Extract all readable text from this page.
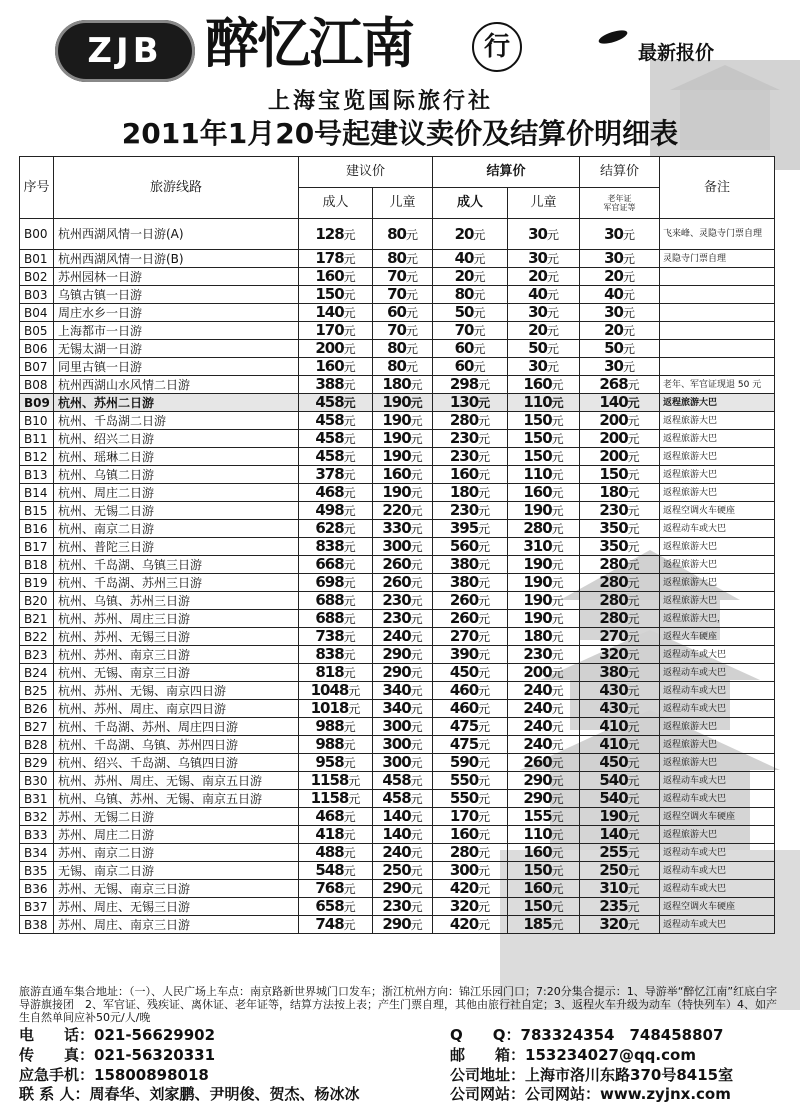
ZJB 醉忆江南	行	最新报价
上海宝览国际旅行社
2011年1月20号起建议卖价及结算价明细表
序号	旅游线路	建议价		结算价		结算价	备注
		成人	儿童	成人	儿童	老年证
军官证等	
B00	杭州西湖风情一日游(A)	128元	80元	20元	30元	30元	飞来峰、灵隐寺门票自理
B01	杭州西湖风情一日游(B)	178元	80元	40元	30元	30元	灵隐寺门票自理
B02	苏州园林一日游	160元	70元	20元	20元	20元	
B03	乌镇古镇一日游	150元	70元	80元	40元	40元	
B04	周庄水乡一日游	140元	60元	50元	30元	30元	
B05	上海都市一日游	170元	70元	70元	20元	20元	
B06	无锡太湖一日游	200元	80元	60元	50元	50元	
B07	同里古镇一日游	160元	80元	60元	30元	30元	
B08	杭州西湖山水风情二日游	388元	180元	298元	160元	268元	老年、军官证现退 50 元
B09	杭州、苏州二日游	458元	190元	130元	110元	140元	返程旅游大巴
B10	杭州、千岛湖二日游	458元	190元	280元	150元	200元	返程旅游大巴
B11	杭州、绍兴二日游	458元	190元	230元	150元	200元	返程旅游大巴
B12	杭州、瑶琳二日游	458元	190元	230元	150元	200元	返程旅游大巴
B13	杭州、乌镇二日游	378元	160元	160元	110元	150元	返程旅游大巴
B14	杭州、周庄二日游	468元	190元	180元	160元	180元	返程旅游大巴
B15	杭州、无锡二日游	498元	220元	230元	190元	230元	返程空调火车硬座
B16	杭州、南京二日游	628元	330元	395元	280元	350元	返程动车或大巴
B17	杭州、普陀三日游	838元	300元	560元	310元	350元	返程旅游大巴
B18	杭州、千岛湖、乌镇三日游	668元	260元	380元	190元	280元	返程旅游大巴
B19	杭州、千岛湖、苏州三日游	698元	260元	380元	190元	280元	返程旅游大巴
B20	杭州、乌镇、苏州三日游	688元	230元	260元	190元	280元	返程旅游大巴
B21	杭州、苏州、周庄三日游	688元	230元	260元	190元	280元	返程旅游大巴，
B22	杭州、苏州、无锡三日游	738元	240元	270元	180元	270元	返程火车硬座
B23	杭州、苏州、南京三日游	838元	290元	390元	230元	320元	返程动车或大巴
B24	杭州、无锡、南京三日游	818元	290元	450元	200元	380元	返程动车或大巴
B25	杭州、苏州、无锡、南京四日游	1048元	340元	460元	240元	430元	返程动车或大巴
B26	杭州、苏州、周庄、南京四日游	1018元	340元	460元	240元	430元	返程动车或大巴
B27	杭州、千岛湖、苏州、周庄四日游	988元	300元	475元	240元	410元	返程旅游大巴
B28	杭州、千岛湖、乌镇、苏州四日游	988元	300元	475元	240元	410元	返程旅游大巴
B29	杭州、绍兴、千岛湖、乌镇四日游	958元	300元	590元	260元	450元	返程旅游大巴
B30	杭州、苏州、周庄、无锡、南京五日游	1158元	458元	550元	290元	540元	返程动车或大巴
B31	杭州、乌镇、苏州、无锡、南京五日游	1158元	458元	550元	290元	540元	返程动车或大巴
B32	苏州、无锡二日游	468元	140元	170元	155元	190元	返程空调火车硬座
B33	苏州、周庄二日游	418元	140元	160元	110元	140元	返程旅游大巴
B34	苏州、南京二日游	488元	240元	280元	160元	255元	返程动车或大巴
B35	无锡、南京二日游	548元	250元	300元	150元	250元	返程动车或大巴
B36	苏州、无锡、南京三日游	768元	290元	420元	160元	310元	返程动车或大巴
B37	苏州、周庄、无锡三日游	658元	230元	320元	150元	235元	返程空调火车硬座
B38	苏州、周庄、南京三日游	748元	290元	420元	185元	320元	返程动车或大巴
旅游直通车集合地址：（一）、人民广场上车点：南京路新世界城门口发车；浙江杭州方向：锦江乐园门口；7:20分集合提示：1、导游举“醉忆江南”红底白字导游旗接团　2、军官证、残疾证、离休证、老年证等，结算方法按上表；产生门票自理，其他由旅行社自定；3、返程火车升级为动车（特快列车）4、如产生自然单间应补50元/人/晚
电　　话：021-56629902
传　　真：021-56320331
应急手机：15800898018
联 系 人：周春华、刘家鹏、尹明俊、贺杰、杨冰冰
Q　　Q：783324354　748458807
邮　　箱：153234027@qq.com
公司地址：上海市洛川东路370号8415室
公司网站：公司网站：www.zyjnx.com
